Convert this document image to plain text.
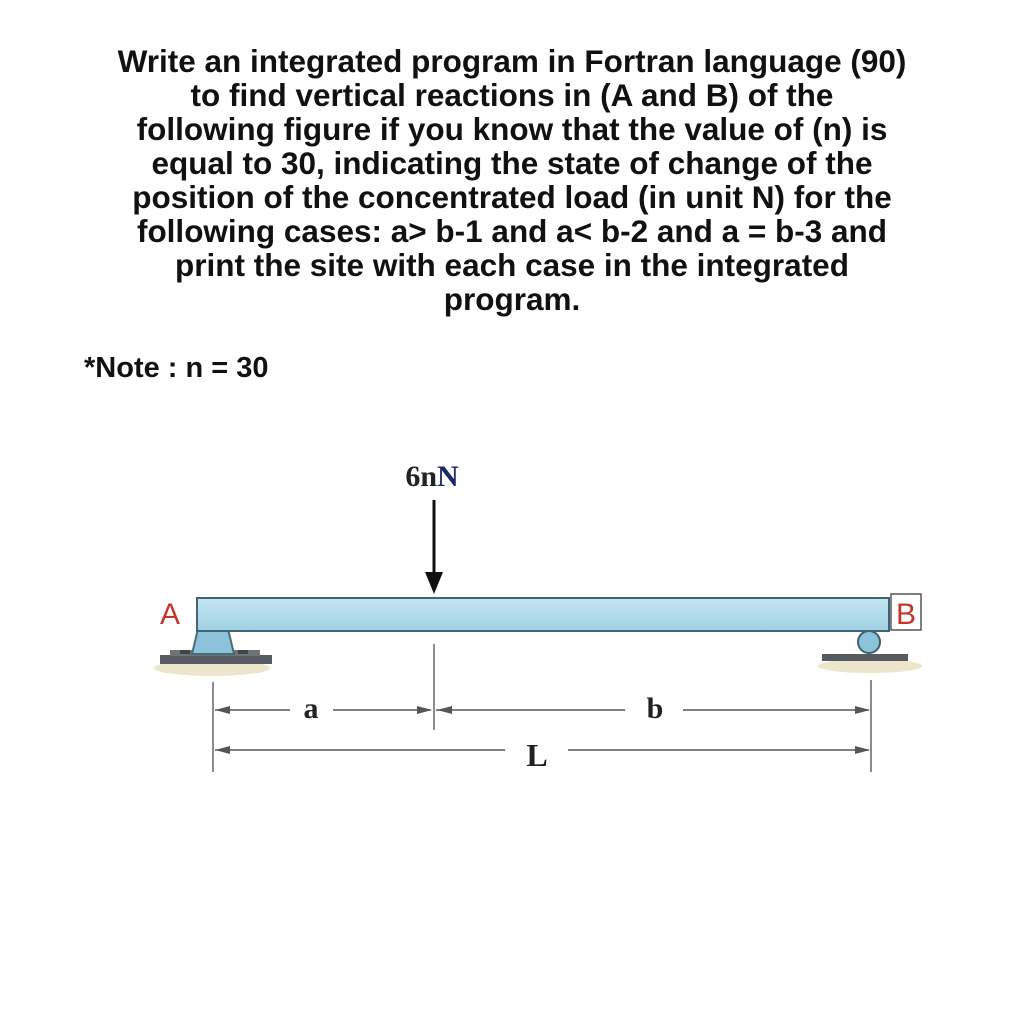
Write an integrated program in Fortran language (90)
to find vertical reactions in (A and B) of the
following figure if you know that the value of (n) is
equal to 30, indicating the state of change of the
position of the concentrated load (in unit N) for the
following cases: a> b-1 and a< b-2 and a = b-3 and
print the site with each case in the integrated
program.

*Note : n = 30

6nN
A	B
a	b
L
